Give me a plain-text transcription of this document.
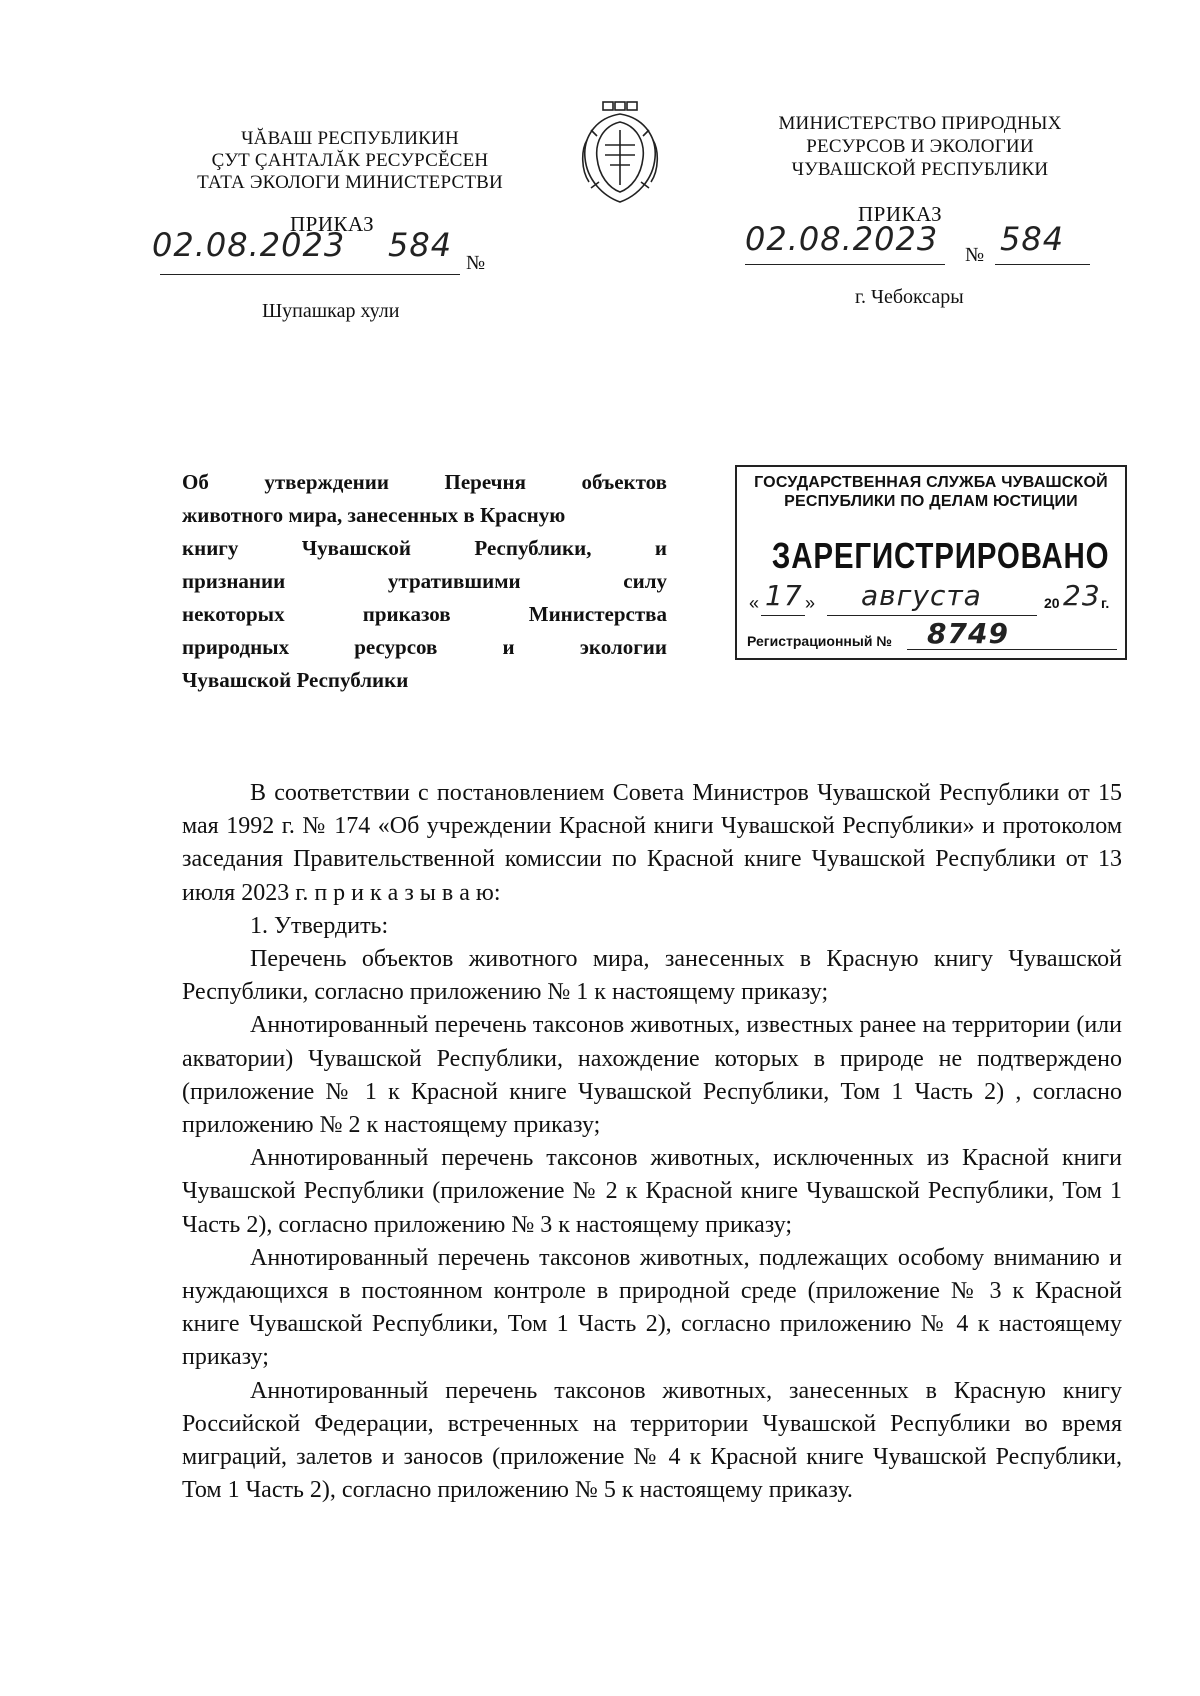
ЧĂВАШ РЕСПУБЛИКИН
ÇУТ ÇАНТАЛĂК РЕСУРСĔСЕН
ТАТА ЭКОЛОГИ МИНИСТЕРСТВИ
ПРИКАЗ
02.08.2023 584 №
Шупашкар хули
МИНИСТЕРСТВО ПРИРОДНЫХ
РЕСУРСОВ И ЭКОЛОГИИ
ЧУВАШСКОЙ РЕСПУБЛИКИ
ПРИКАЗ
02.08.2023 № 584
г. Чебоксары
Об	утверждении	Перечня	объектов
животного мира, занесенных в Красную
книгу	Чувашской	Республики,	и
признании	утратившими	силу
некоторых	приказов	Министерства
природных	ресурсов	и	экологии
Чувашской Республики
ГОСУДАРСТВЕННАЯ СЛУЖБА ЧУВАШСКОЙ
РЕСПУБЛИКИ ПО ДЕЛАМ ЮСТИЦИИ
ЗАРЕГИСТРИРОВАНО
« 17 » августа	20 23 г.
Регистрационный № 8749

В соответствии с постановлением Совета Министров Чувашской Республики от 15 мая 1992 г. № 174 «Об учреждении Красной книги Чувашской Республики» и протоколом заседания Правительственной комиссии по Красной книге Чувашской Республики от 13 июля 2023 г. п р и к а з ы в а ю:

1. Утвердить:

Перечень объектов животного мира, занесенных в Красную книгу Чувашской Республики, согласно приложению № 1 к настоящему приказу;

Аннотированный перечень таксонов животных, известных ранее на территории (или акватории) Чувашской Республики, нахождение которых в природе не подтверждено (приложение № 1 к Красной книге Чувашской Республики, Том 1 Часть 2) , согласно приложению № 2 к настоящему приказу;

Аннотированный перечень таксонов животных, исключенных из Красной книги Чувашской Республики (приложение № 2 к Красной книге Чувашской Республики, Том 1 Часть 2), согласно приложению № 3 к настоящему приказу;

Аннотированный перечень таксонов животных, подлежащих особому вниманию и нуждающихся в постоянном контроле в природной среде (приложение № 3 к Красной книге Чувашской Республики, Том 1 Часть 2), согласно приложению № 4 к настоящему приказу;

Аннотированный перечень таксонов животных, занесенных в Красную книгу Российской Федерации, встреченных на территории Чувашской Республики во время миграций, залетов и заносов (приложение № 4 к Красной книге Чувашской Республики, Том 1 Часть 2), согласно приложению № 5 к настоящему приказу.
